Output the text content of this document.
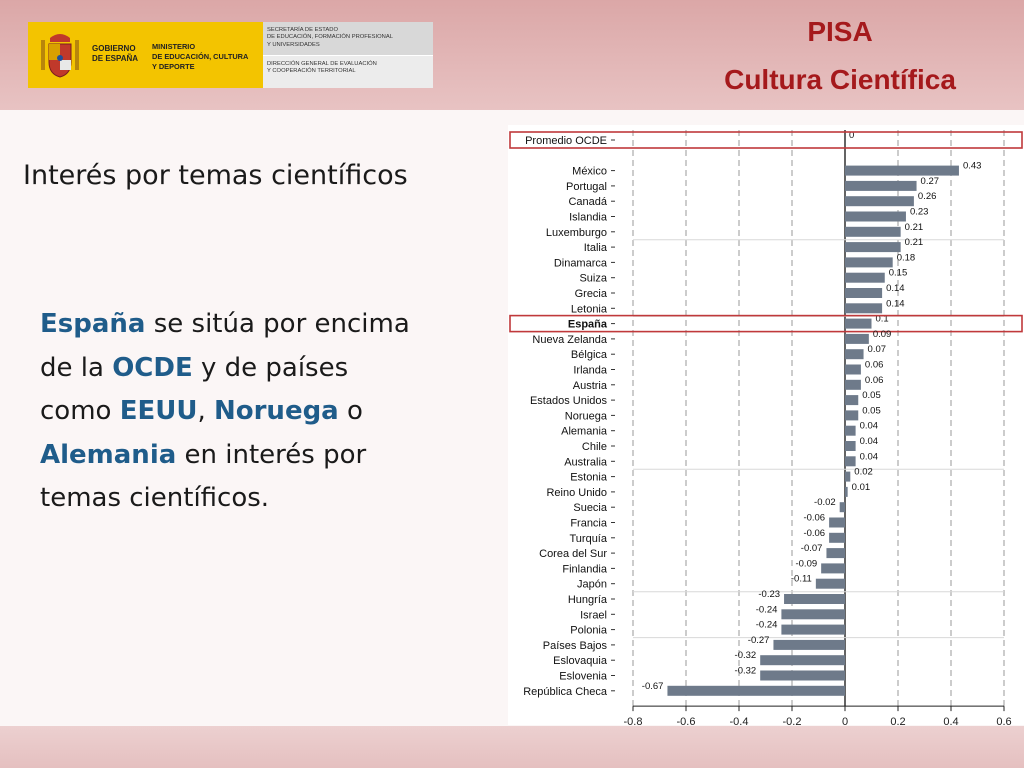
GOBIERNO
DE ESPAÑA
MINISTERIO
DE EDUCACIÓN, CULTURA
Y DEPORTE
SECRETARÍA DE ESTADO
DE EDUCACIÓN, FORMACIÓN PROFESIONAL
Y UNIVERSIDADES
DIRECCIÓN GENERAL DE EVALUACIÓN
Y COOPERACIÓN TERRITORIAL
PISA
Cultura Científica
Interés por temas científicos
España se sitúa por encima de la OCDE y de países como EEUU, Noruega o Alemania en interés por temas científicos.
-0.8	-0.6	-0.4	-0.2	0	0.2	0.4	0.6
Promedio OCDE	0
México	0.43
Portugal	0.27
Canadá	0.26
Islandia	0.23
Luxemburgo	0.21
Italia	0.21
Dinamarca	0.18
Suiza	0.15
Grecia	0.14
Letonia	0.14
España	0.1
Nueva Zelanda	0.09
Bélgica	0.07
Irlanda	0.06
Austria	0.06
Estados Unidos	0.05
Noruega	0.05
Alemania	0.04
Chile	0.04
Australia	0.04
Estonia	0.02
Reino Unido	0.01
Suecia	-0.02
Francia	-0.06
Turquía	-0.06
Corea del Sur	-0.07
Finlandia	-0.09
Japón	-0.11
Hungría	-0.23
Israel	-0.24
Polonia	-0.24
Países Bajos	-0.27
Eslovaquia	-0.32
Eslovenia	-0.32
República Checa	-0.67
